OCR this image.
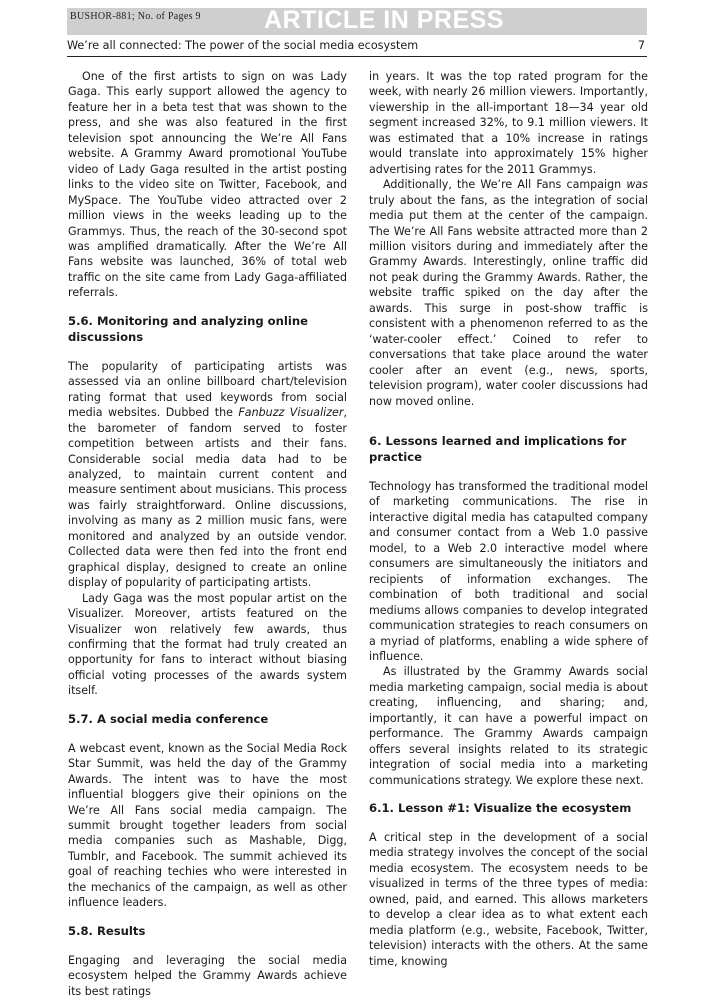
BUSHOR-881; No. of Pages 9	ARTICLE IN PRESS
We’re all connected: The power of the social media ecosystem	7

One of the first artists to sign on was Lady Gaga. This early support allowed the agency to feature her in a beta test that was shown to the press, and she was also featured in the first television spot announcing the We’re All Fans website. A Grammy Award promotional YouTube video of Lady Gaga resulted in the artist posting links to the video site on Twitter, Facebook, and MySpace. The YouTube video attracted over 2 million views in the weeks leading up to the Grammys. Thus, the reach of the 30-second spot was amplified dramatically. After the We’re All Fans website was launched, 36% of total web traffic on the site came from Lady Gaga-affiliated referrals.

5.6. Monitoring and analyzing online discussions

The popularity of participating artists was assessed via an online billboard chart/television rating format that used keywords from social media websites. Dubbed the Fanbuzz Visualizer, the barometer of fandom served to foster competition between artists and their fans. Considerable social media data had to be analyzed, to maintain current content and measure sentiment about musicians. This process was fairly straightforward. Online discussions, involving as many as 2 million music fans, were monitored and analyzed by an outside vendor. Collected data were then fed into the front end graphical display, designed to create an online display of popularity of participating artists.

Lady Gaga was the most popular artist on the Visualizer. Moreover, artists featured on the Visualizer won relatively few awards, thus confirming that the format had truly created an opportunity for fans to interact without biasing official voting processes of the awards system itself.

5.7. A social media conference

A webcast event, known as the Social Media Rock Star Summit, was held the day of the Grammy Awards. The intent was to have the most influential bloggers give their opinions on the We’re All Fans social media campaign. The summit brought together leaders from social media companies such as Mashable, Digg, Tumblr, and Facebook. The summit achieved its goal of reaching techies who were interested in the mechanics of the campaign, as well as other influence leaders.

5.8. Results

Engaging and leveraging the social media ecosystem helped the Grammy Awards achieve its best ratings

in years. It was the top rated program for the week, with nearly 26 million viewers. Importantly, viewership in the all-important 18—34 year old segment increased 32%, to 9.1 million viewers. It was estimated that a 10% increase in ratings would translate into approximately 15% higher advertising rates for the 2011 Grammys.

Additionally, the We’re All Fans campaign was truly about the fans, as the integration of social media put them at the center of the campaign. The We’re All Fans website attracted more than 2 million visitors during and immediately after the Grammy Awards. Interestingly, online traffic did not peak during the Grammy Awards. Rather, the website traffic spiked on the day after the awards. This surge in post-show traffic is consistent with a phenomenon referred to as the ‘water-cooler effect.’ Coined to refer to conversations that take place around the water cooler after an event (e.g., news, sports, television program), water cooler discussions had now moved online.

6. Lessons learned and implications for practice

Technology has transformed the traditional model of marketing communications. The rise in interactive digital media has catapulted company and consumer contact from a Web 1.0 passive model, to a Web 2.0 interactive model where consumers are simultaneously the initiators and recipients of information exchanges. The combination of both traditional and social mediums allows companies to develop integrated communication strategies to reach consumers on a myriad of platforms, enabling a wide sphere of influence.

As illustrated by the Grammy Awards social media marketing campaign, social media is about creating, influencing, and sharing; and, importantly, it can have a powerful impact on performance. The Grammy Awards campaign offers several insights related to its strategic integration of social media into a marketing communications strategy. We explore these next.

6.1. Lesson #1: Visualize the ecosystem

A critical step in the development of a social media strategy involves the concept of the social media ecosystem. The ecosystem needs to be visualized in terms of the three types of media: owned, paid, and earned. This allows marketers to develop a clear idea as to what extent each media platform (e.g., website, Facebook, Twitter, television) interacts with the others. At the same time, knowing
